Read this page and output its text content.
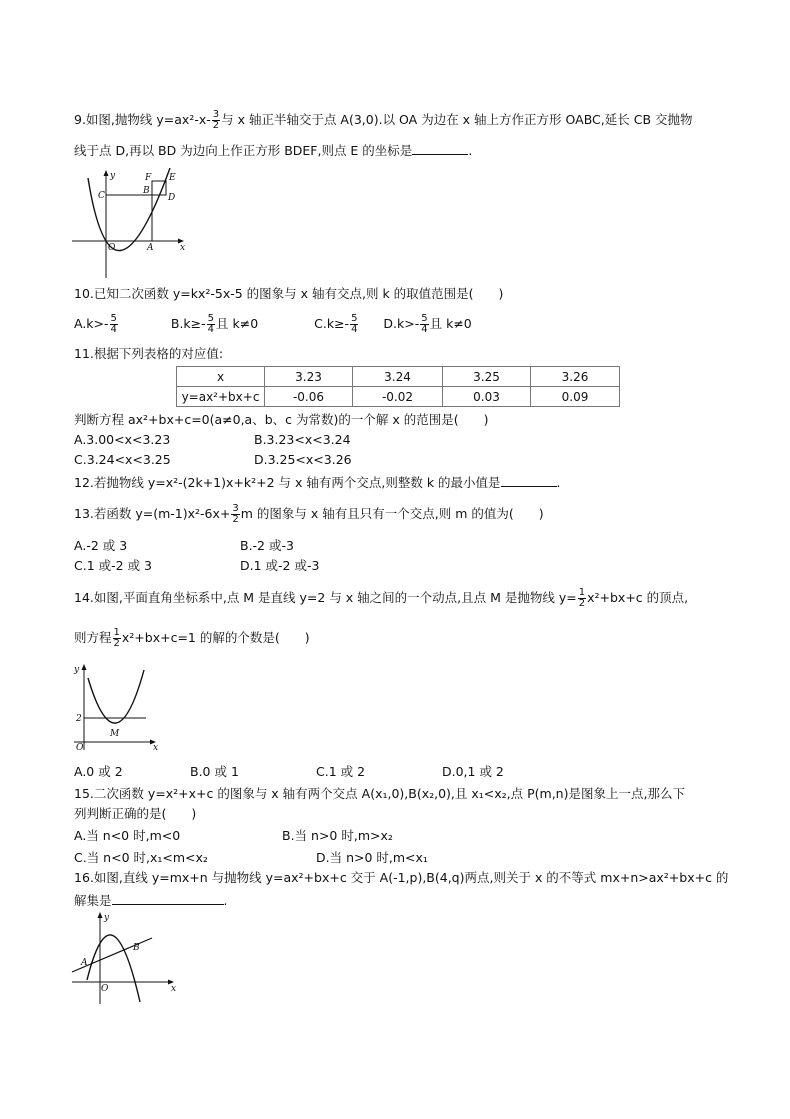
9.如图,抛物线 $y=ax^2-x- \frac{3}{2}$ 与 x 轴正半轴交于点 A(3,0).以 OA 为边在 x 轴上方作正方形 OABC,延长 CB 交抛物
线于点 D,再以 BD 为边向上作正方形 BDEF,则点 E 的坐标是	.
y
x
O	A
C	B
F E
D
10.已知二次函数 y=kx²-5x-5 的图象与 x 轴有交点,则 k 的取值范围是(　　)
$A.k>- \frac{5}{4}$	$B.k\ge- \frac{5}{4}$ 且 k≠0	$C.k\ge- \frac{5}{4} D.k>- \frac{5}{4}$ 且 k≠0
11.根据下列表格的对应值:
x	3.23	3.24	3.25	3.26
y=ax²+bx+c	-0.06	-0.02	0.03	0.09
判断方程 ax²+bx+c=0(a≠0,a、b、c 为常数)的一个解 x 的范围是(　　)
A.3.00<x<3.23	B.3.23<x<3.24
C.3.24<x<3.25	D.3.25<x<3.26
12.若抛物线 y=x²-(2k+1)x+k²+2 与 x 轴有两个交点,则整数 k 的最小值是	.
13.若函数 $y=(m-1)x^2-6x+ \frac{3}{2}$ m 的图象与 x 轴有且只有一个交点,则 m 的值为(　　)
A.-2 或 3	B.-2 或-3
C.1 或-2 或 3	D.1 或-2 或-3
14.如图,平面直角坐标系中,点 M 是直线 y=2 与 x 轴之间的一个动点,且点 M 是抛物线 $y= \frac{1}{2} x^2+bx+c$ 的顶点,
则方程 $\frac{1}{2} x^2+bx+c=1$ 的解的个数是(　　)
y
x
O
2
M
A.0 或 2	B.0 或 1	C.1 或 2	D.0,1 或 2
15.二次函数 y=x²+x+c 的图象与 x 轴有两个交点 A(x₁,0),B(x₂,0),且 x₁<x₂,点 P(m,n)是图象上一点,那么下
列判断正确的是(　　)
A.当 n<0 时,m<0	B.当 n>0 时,m>x₂
C.当 n<0 时,x₁<m<x₂	D.当 n>0 时,m<x₁
16.如图,直线 y=mx+n 与抛物线 y=ax²+bx+c 交于 A(-1,p),B(4,q)两点,则关于 x 的不等式 mx+n>ax²+bx+c 的
解集是	.
y
x
O
A
B
